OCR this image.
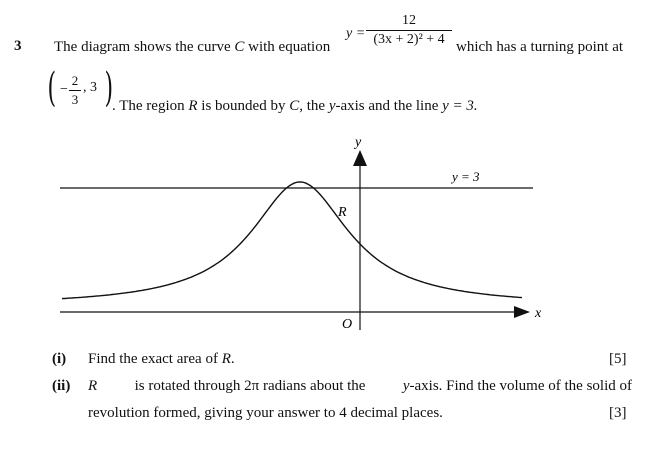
3 The diagram shows the curve C with equation
$y = \frac{12}{\text{(3x + 2)² + 4}}$ which has a turning point at
( − $\frac{2}{3}$ , 3 )
. The region R is bounded by C, the y-axis and the line y = 3.
y
x
O
y = 3
R
(i) Find the exact area of R.	[5]
(ii) R is rotated through 2π radians about the y-axis. Find the volume of the solid of
revolution formed, giving your answer to 4 decimal places.	[3]
